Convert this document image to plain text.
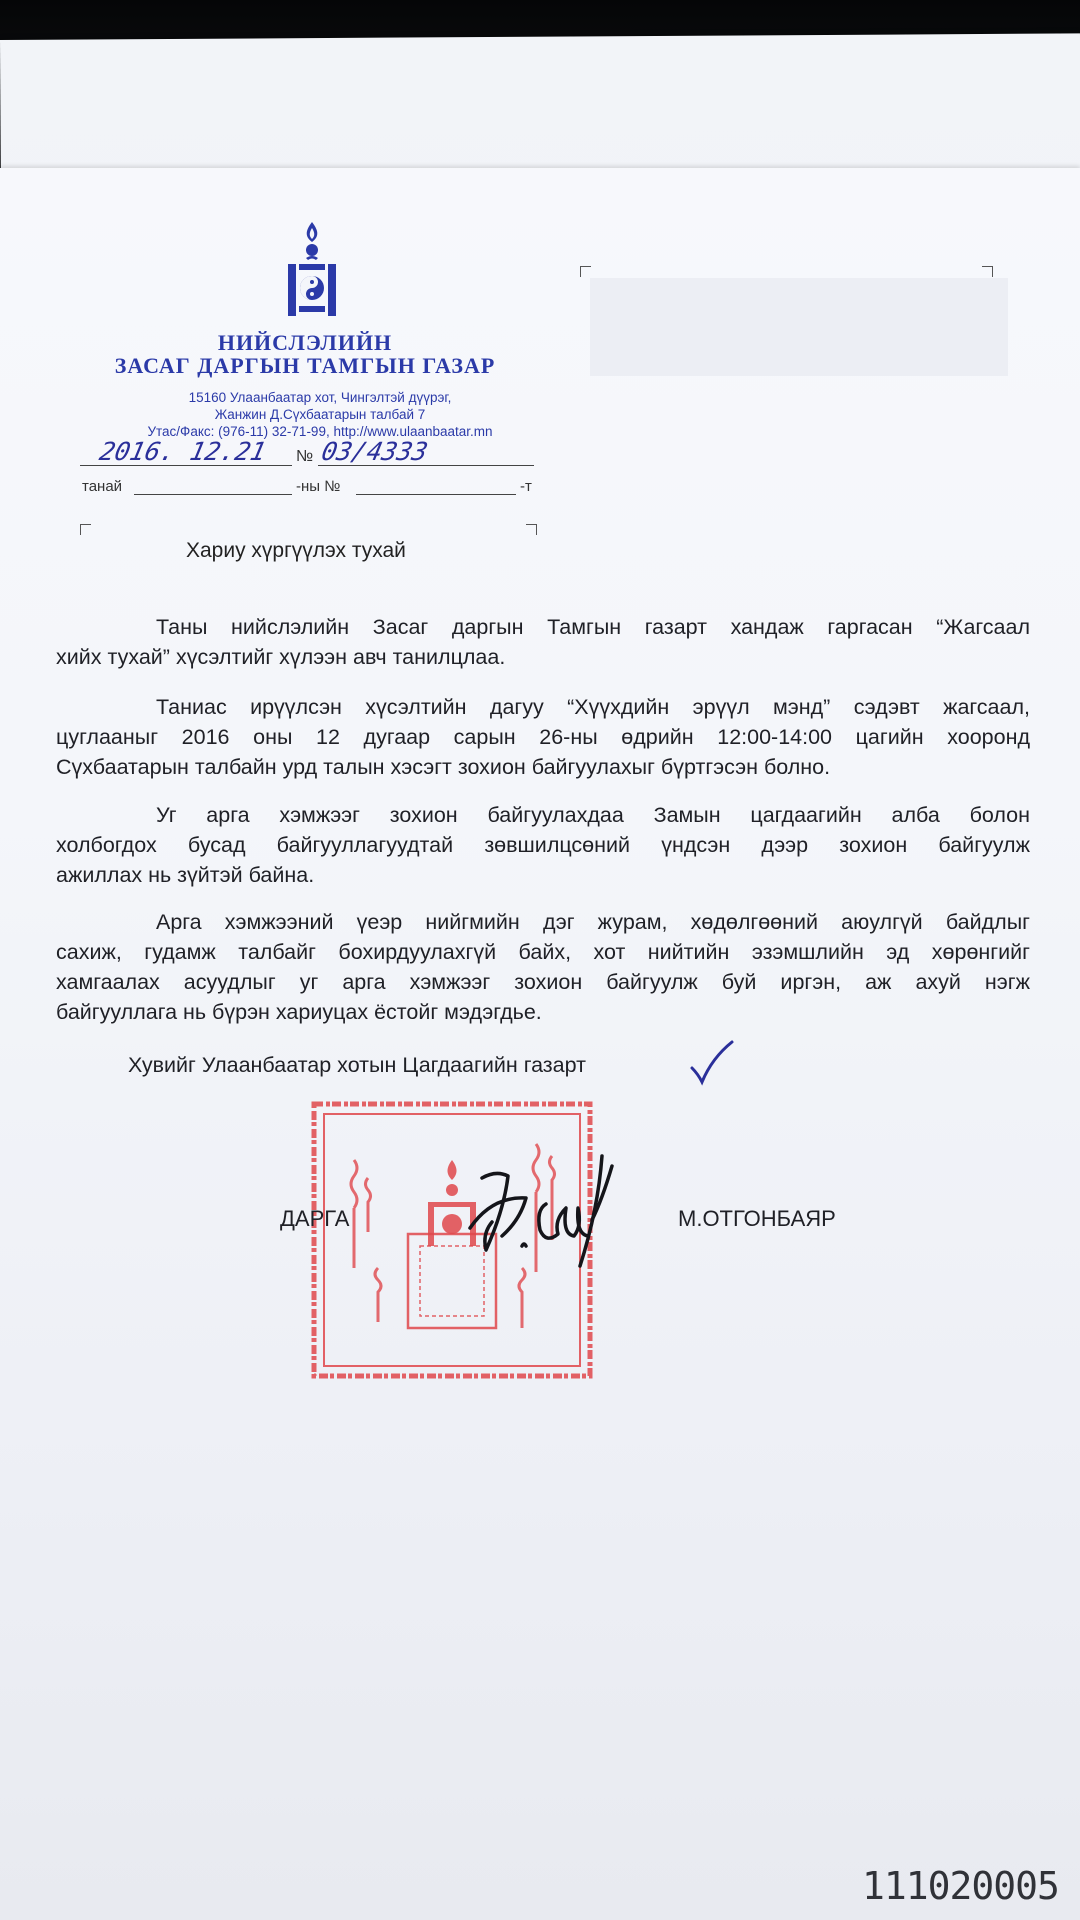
НИЙСЛЭЛИЙН
ЗАСАГ ДАРГЫН ТАМГЫН ГАЗАР
15160 Улаанбаатар хот, Чингэлтэй дүүрэг,
Жанжин Д.Сүхбаатарын талбай 7
Утас/Факс: (976-11) 32-71-99, http://www.ulaanbaatar.mn
2016. 12.21 № 03/4333
танай	-ны №	-т
Хариу хүргүүлэх тухай
Таны нийслэлийн Засаг даргын Тамгын газарт хандаж гаргасан “Жагсаал
хийх тухай” хүсэлтийг хүлээн авч танилцлаа.
Таниас ирүүлсэн хүсэлтийн дагуу “Хүүхдийн эрүүл мэнд” сэдэвт жагсаал,
цуглааныг 2016 оны 12 дугаар сарын 26-ны өдрийн 12:00-14:00 цагийн хооронд
Сүхбаатарын талбайн урд талын хэсэгт зохион байгуулахыг бүртгэсэн болно.
Уг арга хэмжээг зохион байгуулахдаа Замын цагдаагийн алба болон
холбогдох бусад байгууллагуудтай зөвшилцсөний үндсэн дээр зохион байгуулж
ажиллах нь зүйтэй байна.
Арга хэмжээний үеэр нийгмийн дэг журам, хөдөлгөөний аюулгүй байдлыг
сахиж, гудамж талбайг бохирдуулахгүй байх, хот нийтийн эзэмшлийн эд хөрөнгийг
хамгаалах асуудлыг уг арга хэмжээг зохион байгуулж буй иргэн, аж ахуй нэгж
байгууллага нь бүрэн хариуцах ёстойг мэдэгдье.
Хувийг Улаанбаатар хотын Цагдаагийн газарт
ДАРГА	М.ОТГОНБАЯР
111020005
